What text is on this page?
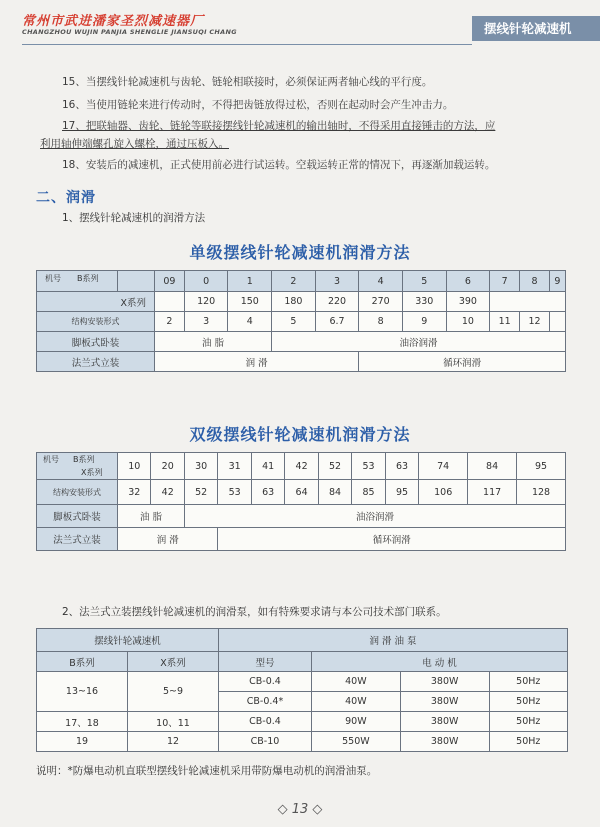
常州市武进潘家圣烈减速器厂
CHANGZHOU WUJIN PANJIA SHENGLIE JIANSUQI CHANG	摆线针轮减速机
15、当摆线针轮减速机与齿轮、链轮相联接时，必须保证两者轴心线的平行度。
16、当使用链轮来进行传动时，不得把齿链放得过松，否则在起动时会产生冲击力。
17、把联轴器、齿轮、链轮等联接摆线针轮减速机的输出轴时，不得采用直接锤击的方法，应
利用轴伸端螺孔旋入螺栓，通过压板入。
18、安装后的减速机，正式使用前必进行试运转。空载运转正常的情况下，再逐渐加载运转。
二、润滑
1、摆线针轮减速机的润滑方法
单级摆线针轮减速机润滑方法
机号 B系列		09	0	1	2	3	4	5	6	7	8	9
X系列			120	150	180	220	270	330	390			
结构安装形式		2	3	4	5	6.7	8	9	10	11	12	
脚板式卧装		油 脂			油浴润滑							
法兰式立装		润 滑					循环润滑					
双级摆线针轮减速机润滑方法
机号 B系列
X系列	10	20	30	31	41	42	52	53	63	74	84	95
结构安装形式	32	42	52	53	63	64	84	85	95	106	117	128
脚板式卧装	油 脂		油浴润滑									
法兰式立装	润 滑			循环润滑								
2、法兰式立装摆线针轮减速机的润滑泵，如有特殊要求请与本公司技术部门联系。
摆线针轮减速机		润 滑 油 泵			
B系列	X系列	型号	电 动 机		
13~16	5~9	CB-0.4	40W	380W	50Hz
		CB-0.4*	40W	380W	50Hz
17、18	10、11	CB-0.4	90W	380W	50Hz
19	12	CB-10	550W	380W	50Hz
说明：*防爆电动机直联型摆线针轮减速机采用带防爆电动机的润滑油泵。
◇ 13 ◇
